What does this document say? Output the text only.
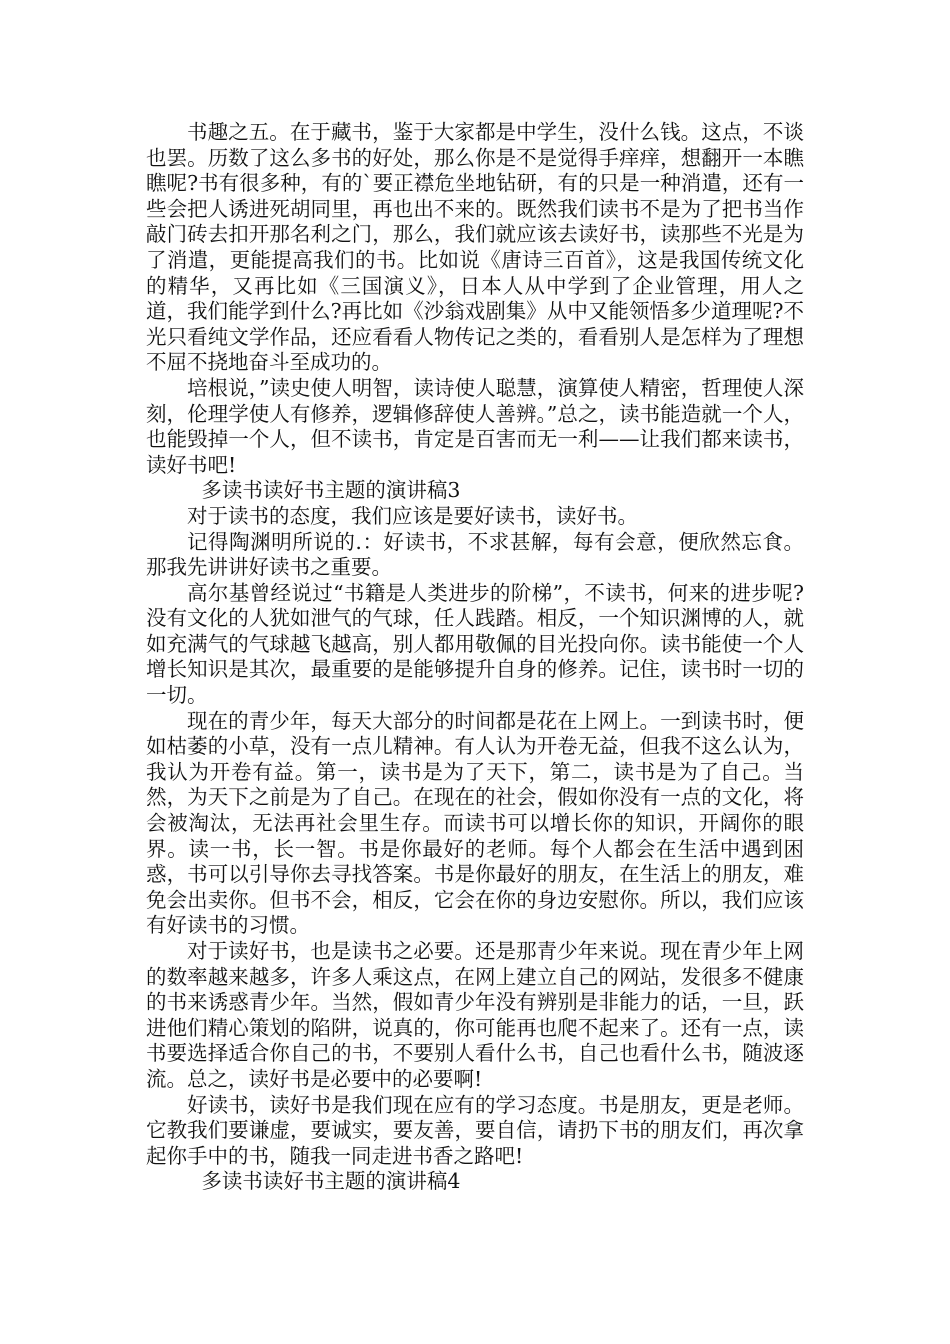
书趣之五。在于藏书，鉴于大家都是中学生，没什么钱。这点，不谈也罢。历数了这么多书的好处，那么你是不是觉得手痒痒，想翻开一本瞧瞧呢?书有很多种，有的`要正襟危坐地钻研，有的只是一种消遣，还有一些会把人诱进死胡同里，再也出不来的。既然我们读书不是为了把书当作敲门砖去扣开那名利之门，那么，我们就应该去读好书，读那些不光是为了消遣，更能提高我们的书。比如说《唐诗三百首》，这是我国传统文化的精华，又再比如《三国演义》，日本人从中学到了企业管理，用人之道，我们能学到什么?再比如《沙翁戏剧集》从中又能领悟多少道理呢?不光只看纯文学作品，还应看看人物传记之类的，看看别人是怎样为了理想不屈不挠地奋斗至成功的。

培根说，”读史使人明智，读诗使人聪慧，演算使人精密，哲理使人深刻，伦理学使人有修养，逻辑修辞使人善辨。”总之，读书能造就一个人，也能毁掉一个人，但不读书，肯定是百害而无一利——让我们都来读书，读好书吧!

多读书读好书主题的演讲稿3

对于读书的态度，我们应该是要好读书，读好书。

记得陶渊明所说的.：好读书，不求甚解，每有会意，便欣然忘食。那我先讲讲好读书之重要。

高尔基曾经说过“书籍是人类进步的阶梯”，不读书，何来的进步呢?没有文化的人犹如泄气的气球，任人践踏。相反，一个知识渊博的人，就如充满气的气球越飞越高，别人都用敬佩的目光投向你。读书能使一个人增长知识是其次，最重要的是能够提升自身的修养。记住，读书时一切的一切。

现在的青少年，每天大部分的时间都是花在上网上。一到读书时，便如枯萎的小草，没有一点儿精神。有人认为开卷无益，但我不这么认为，我认为开卷有益。第一，读书是为了天下，第二，读书是为了自己。当然，为天下之前是为了自己。在现在的社会，假如你没有一点的文化，将会被淘汰，无法再社会里生存。而读书可以增长你的知识，开阔你的眼界。读一书，长一智。书是你最好的老师。每个人都会在生活中遇到困惑，书可以引导你去寻找答案。书是你最好的朋友，在生活上的朋友，难免会出卖你。但书不会，相反，它会在你的身边安慰你。所以，我们应该有好读书的习惯。

对于读好书，也是读书之必要。还是那青少年来说。现在青少年上网的数率越来越多，许多人乘这点，在网上建立自己的网站，发很多不健康的书来诱惑青少年。当然，假如青少年没有辨别是非能力的话，一旦，跃进他们精心策划的陷阱，说真的，你可能再也爬不起来了。还有一点，读书要选择适合你自己的书，不要别人看什么书，自己也看什么书，随波逐流。总之，读好书是必要中的必要啊!

好读书，读好书是我们现在应有的学习态度。书是朋友，更是老师。它教我们要谦虚，要诚实，要友善，要自信，请扔下书的朋友们，再次拿起你手中的书，随我一同走进书香之路吧!

多读书读好书主题的演讲稿4
